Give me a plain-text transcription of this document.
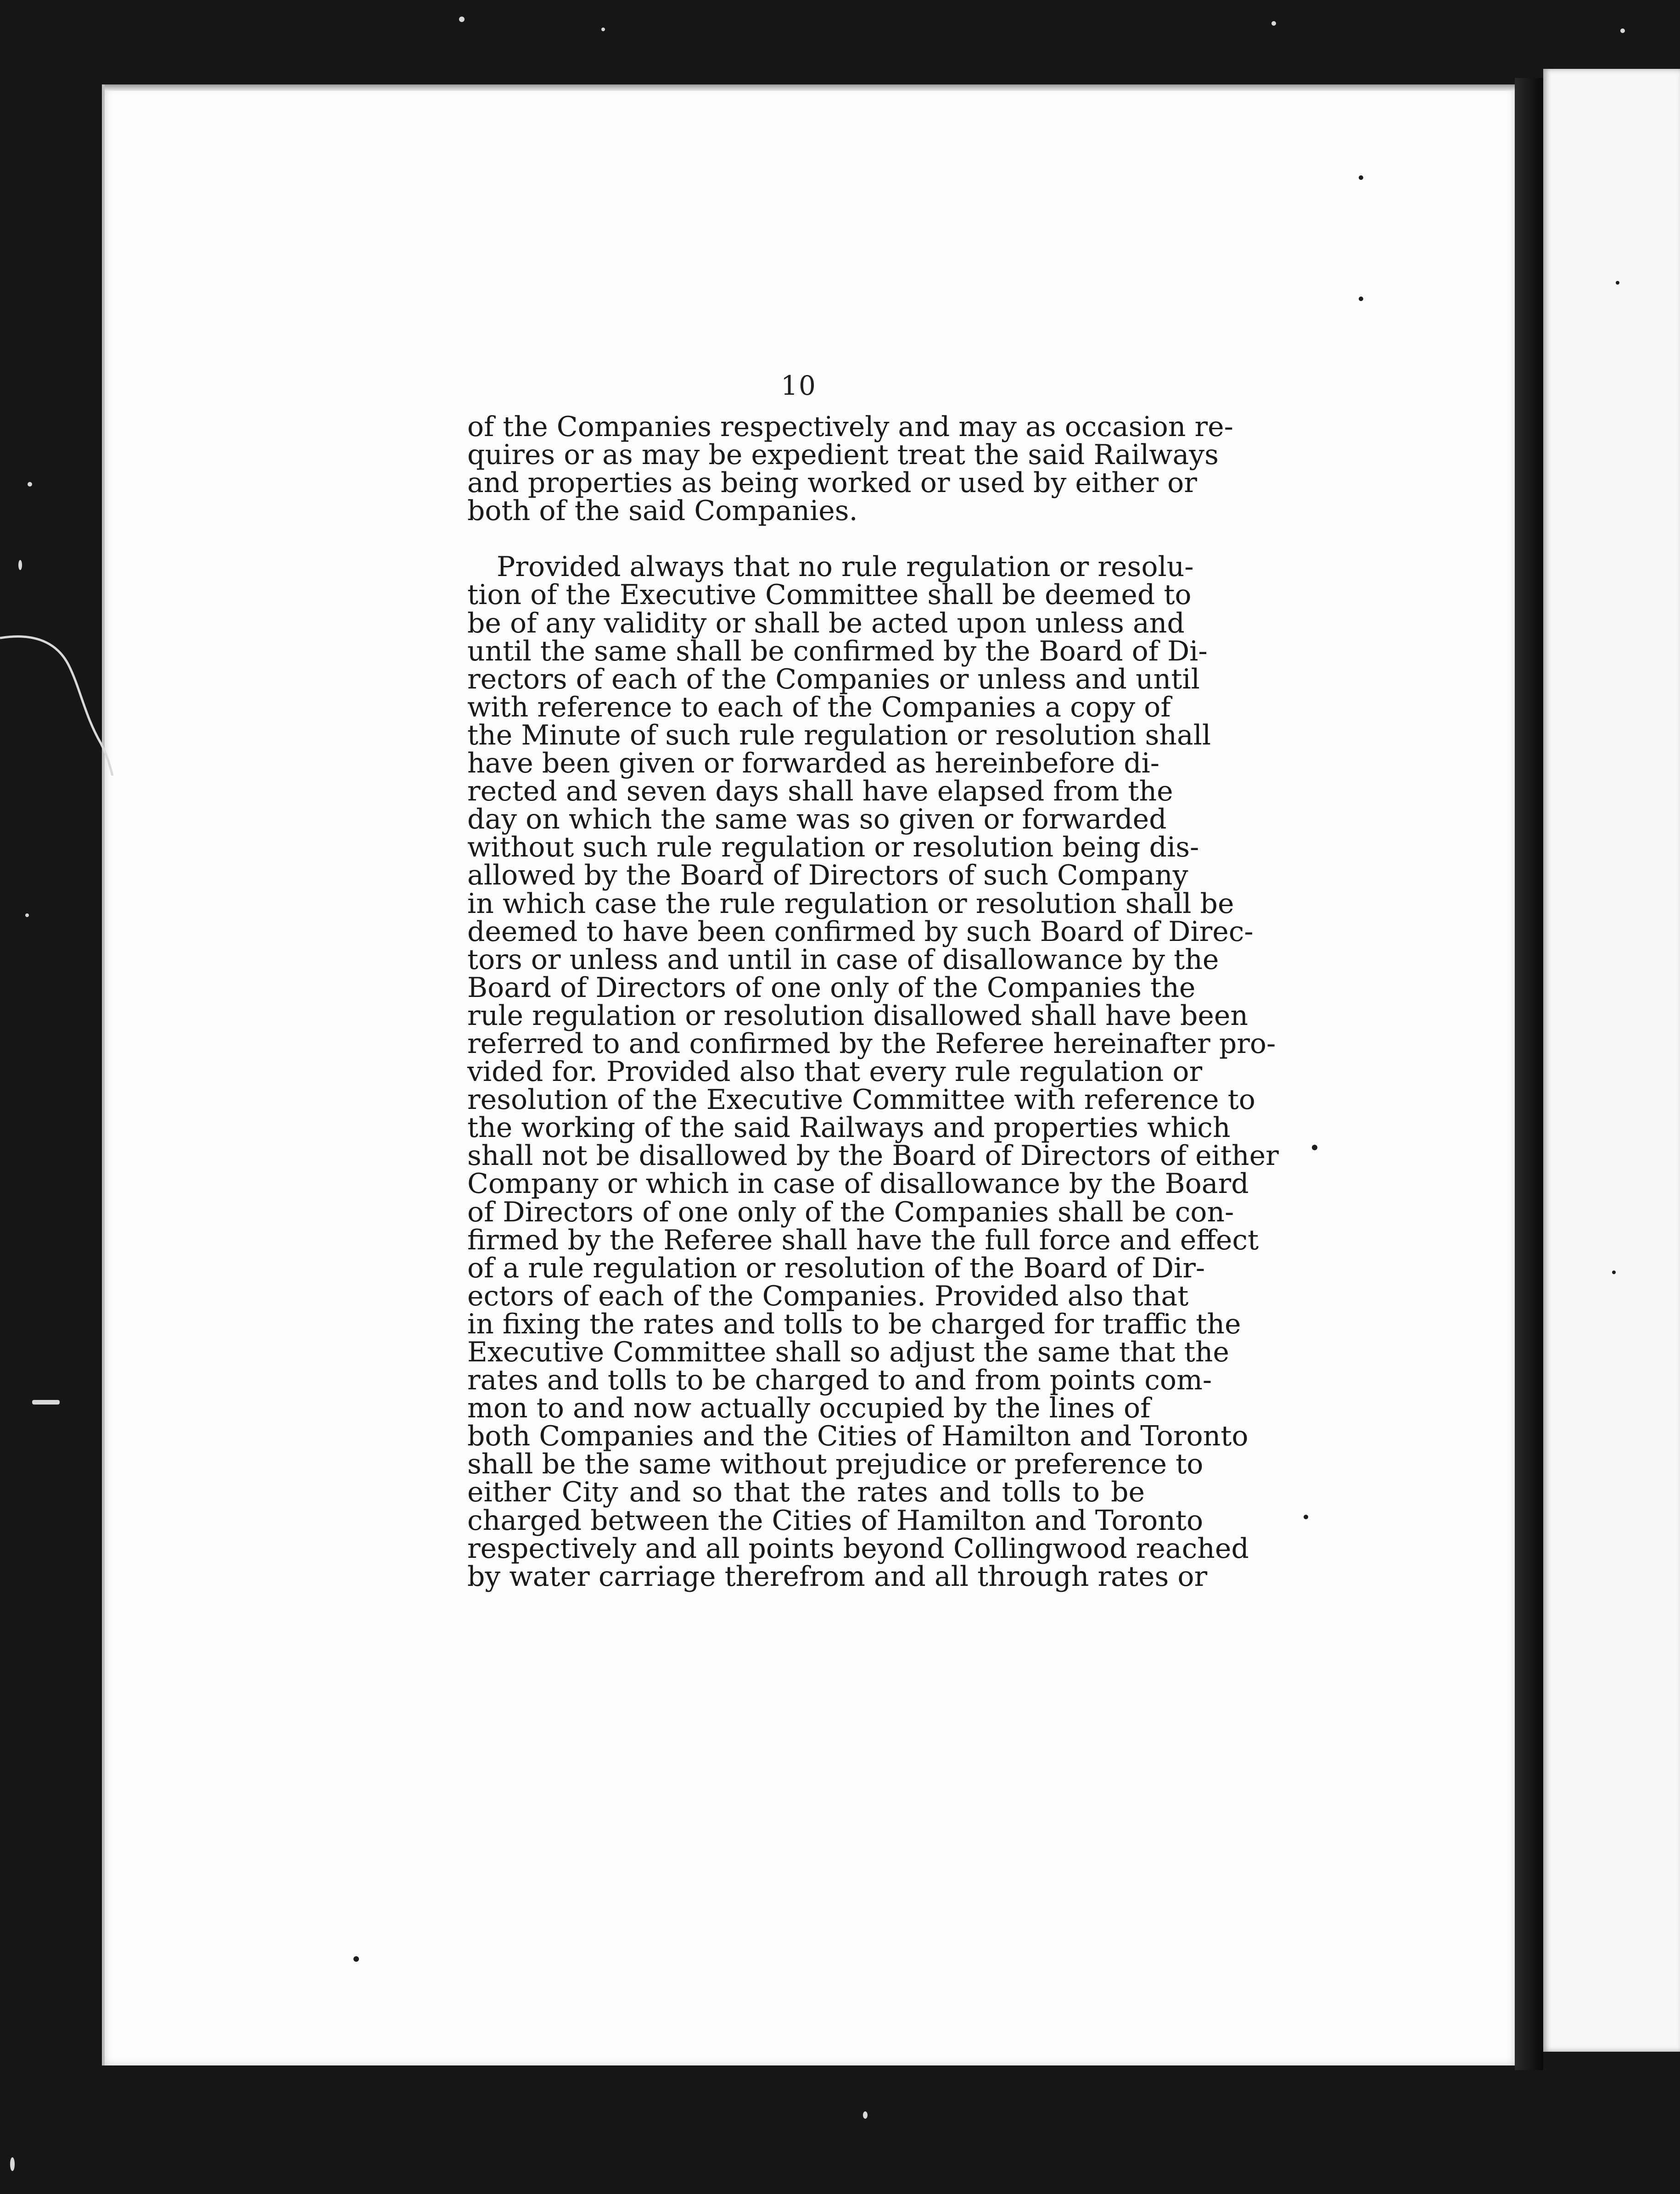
10

of the Companies respectively and may as occasion re-
quires or as may be expedient treat the said Railways
and properties as being worked or used by either or
both of the said Companies.

Provided always that no rule regulation or resolu-
tion of the Executive Committee shall be deemed to
be of any validity or shall be acted upon unless and
until the same shall be confirmed by the Board of Di-
rectors of each of the Companies or unless and until
with reference to each of the Companies a copy of
the Minute of such rule regulation or resolution shall
have been given or forwarded as hereinbefore di-
rected and seven days shall have elapsed from the
day on which the same was so given or forwarded
without such rule regulation or resolution being dis-
allowed by the Board of Directors of such Company
in which case the rule regulation or resolution shall be
deemed to have been confirmed by such Board of Direc-
tors or unless and until in case of disallowance by the
Board of Directors of one only of the Companies the
rule regulation or resolution disallowed shall have been
referred to and confirmed by the Referee hereinafter pro-
vided for. Provided also that every rule regulation or
resolution of the Executive Committee with reference to
the working of the said Railways and properties which
shall not be disallowed by the Board of Directors of either
Company or which in case of disallowance by the Board
of Directors of one only of the Companies shall be con-
firmed by the Referee shall have the full force and effect
of a rule regulation or resolution of the Board of Dir-
ectors of each of the Companies. Provided also that
in fixing the rates and tolls to be charged for traffic the
Executive Committee shall so adjust the same that the
rates and tolls to be charged to and from points com-
mon to and now actually occupied by the lines of
both Companies and the Cities of Hamilton and Toronto
shall be the same without prejudice or preference to
either City and so that the rates and tolls to be
charged between the Cities of Hamilton and Toronto
respectively and all points beyond Collingwood reached
by water carriage therefrom and all through rates or
